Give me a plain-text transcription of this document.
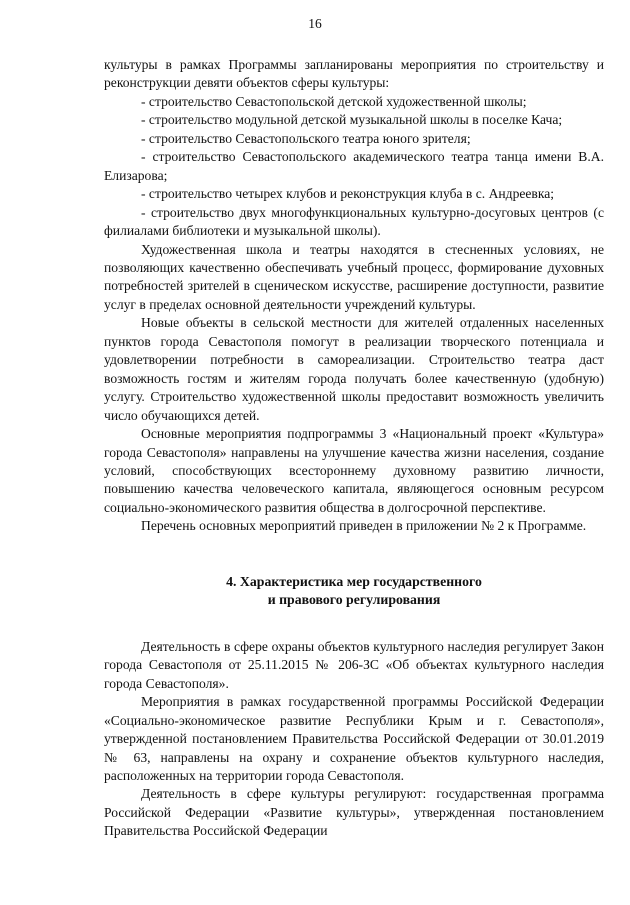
16

культуры в рамках Программы запланированы мероприятия по строительству и реконструкции девяти объектов сферы культуры:

- строительство Севастопольской детской художественной школы;

- строительство модульной детской музыкальной школы в поселке Кача;

- строительство Севастопольского театра юного зрителя;

- строительство Севастопольского академического театра танца имени В.А. Елизарова;

- строительство четырех клубов и реконструкция клуба в с. Андреевка;

- строительство двух многофункциональных культурно-досуговых центров (с филиалами библиотеки и музыкальной школы).

Художественная школа и театры находятся в стесненных условиях, не позволяющих качественно обеспечивать учебный процесс, формирование духовных потребностей зрителей в сценическом искусстве, расширение доступности, развитие услуг в пределах основной деятельности учреждений культуры.

Новые объекты в сельской местности для жителей отдаленных населенных пунктов города Севастополя помогут в реализации творческого потенциала и удовлетворении потребности в самореализации. Строительство театра даст возможность гостям и жителям города получать более качественную (удобную) услугу. Строительство художественной школы предоставит возможность увеличить число обучающихся детей.

Основные мероприятия подпрограммы 3 «Национальный проект «Культура» города Севастополя» направлены на улучшение качества жизни населения, создание условий, способствующих всестороннему духовному развитию личности, повышению качества человеческого капитала, являющегося основным ресурсом социально-экономического развития общества в долгосрочной перспективе.

Перечень основных мероприятий приведен в приложении № 2 к Программе.

4. Характеристика мер государственного
и правового регулирования

Деятельность в сфере охраны объектов культурного наследия регулирует Закон города Севастополя от 25.11.2015 № 206-ЗС «Об объектах культурного наследия города Севастополя».

Мероприятия в рамках государственной программы Российской Федерации «Социально-экономическое развитие Республики Крым и г. Севастополя», утвержденной постановлением Правительства Российской Федерации от 30.01.2019 № 63, направлены на охрану и сохранение объектов культурного наследия, расположенных на территории города Севастополя.

Деятельность в сфере культуры регулируют: государственная программа Российской Федерации «Развитие культуры», утвержденная постановлением Правительства Российской Федерации
